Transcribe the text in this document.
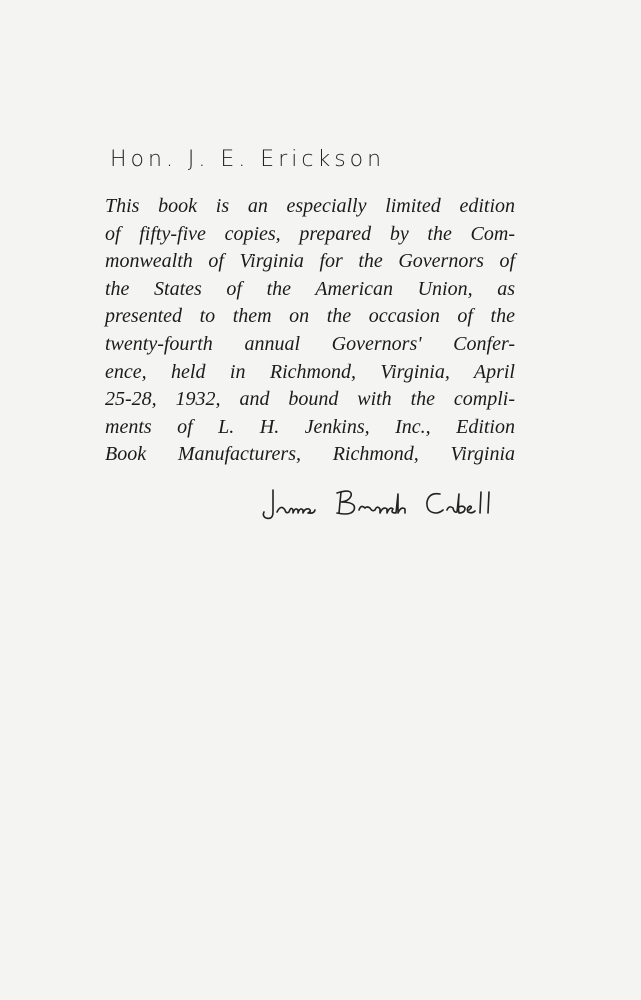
Hon. J. E. Erickson
This book is an especially limited edition
of fifty-five copies, prepared by the Com-
monwealth of Virginia for the Governors of
the States of the American Union, as
presented to them on the occasion of the
twenty-fourth annual Governors' Confer-
ence, held in Richmond, Virginia, April
25-28, 1932, and bound with the compli-
ments of L. H. Jenkins, Inc., Edition
Book Manufacturers, Richmond, Virginia
